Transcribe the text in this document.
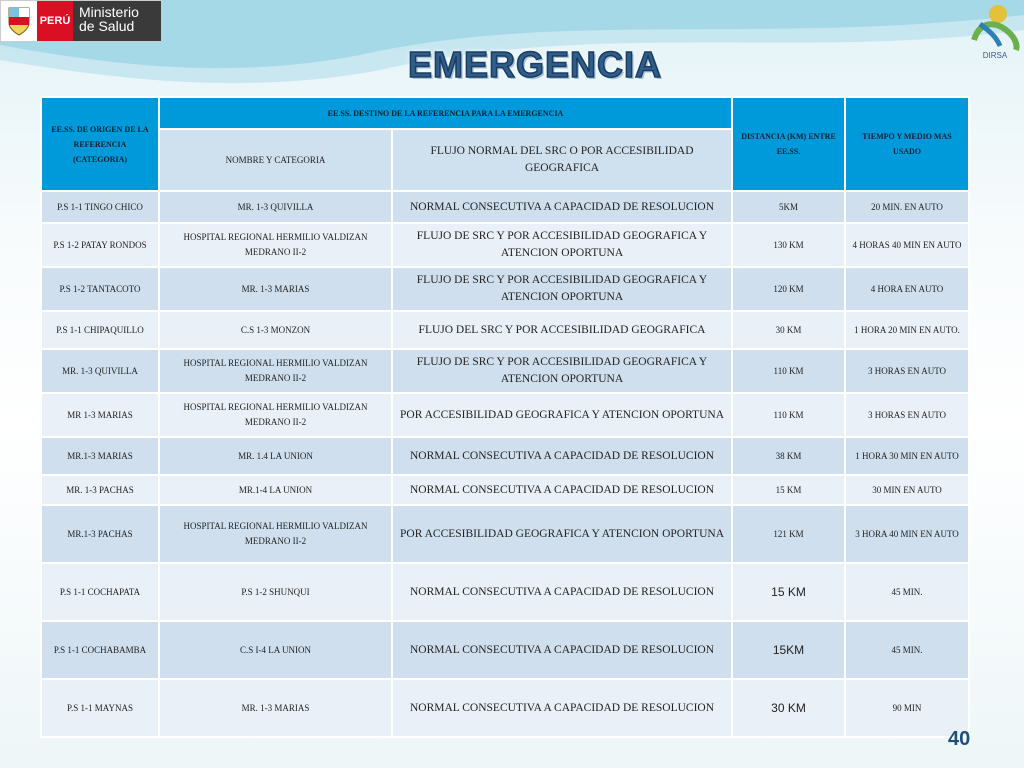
PERÚ
Ministerio
de Salud
DIRSA
EMERGENCIA
EE.SS. DE ORIGEN DE LA REFERENCIA (CATEGORIA)	EE.SS. DESTINO DE LA REFERENCIA PARA LA EMERGENCIA		DISTANCIA (KM) ENTRE EE.SS.	TIEMPO Y MEDIO MAS USADO
	NOMBRE Y CATEGORIA	FLUJO NORMAL DEL SRC O POR ACCESIBILIDAD GEOGRAFICA		
P.S 1-1 TINGO CHICO	MR. 1-3 QUIVILLA	NORMAL CONSECUTIVA A CAPACIDAD DE RESOLUCION	5KM	20 MIN. EN AUTO
P.S 1-2 PATAY RONDOS	HOSPITAL REGIONAL HERMILIO VALDIZAN MEDRANO II-2	FLUJO DE SRC Y POR ACCESIBILIDAD GEOGRAFICA Y ATENCION OPORTUNA	130 KM	4 HORAS 40 MIN EN AUTO
P.S 1-2 TANTACOTO	MR. 1-3 MARIAS	FLUJO DE SRC Y POR ACCESIBILIDAD GEOGRAFICA Y ATENCION OPORTUNA	120 KM	4 HORA EN AUTO
P.S 1-1 CHIPAQUILLO	C.S 1-3 MONZON	FLUJO DEL SRC Y POR ACCESIBILIDAD GEOGRAFICA	30 KM	1 HORA 20 MIN EN AUTO.
MR. 1-3 QUIVILLA	HOSPITAL REGIONAL HERMILIO VALDIZAN MEDRANO II-2	FLUJO DE SRC Y POR ACCESIBILIDAD GEOGRAFICA Y ATENCION OPORTUNA	110 KM	3 HORAS EN AUTO
MR 1-3 MARIAS	HOSPITAL REGIONAL HERMILIO VALDIZAN MEDRANO II-2	POR ACCESIBILIDAD GEOGRAFICA Y ATENCION OPORTUNA	110 KM	3 HORAS EN AUTO
MR.1-3 MARIAS	MR. 1.4 LA UNION	NORMAL CONSECUTIVA A CAPACIDAD DE RESOLUCION	38 KM	1 HORA 30 MIN EN AUTO
MR. 1-3 PACHAS	MR.1-4 LA UNION	NORMAL CONSECUTIVA A CAPACIDAD DE RESOLUCION	15 KM	30 MIN EN AUTO
MR.1-3 PACHAS	HOSPITAL REGIONAL HERMILIO VALDIZAN MEDRANO II-2	POR ACCESIBILIDAD GEOGRAFICA Y ATENCION OPORTUNA	121 KM	3 HORA 40 MIN EN AUTO
P.S 1-1 COCHAPATA	P.S 1-2 SHUNQUI	NORMAL CONSECUTIVA A CAPACIDAD DE RESOLUCION	15 KM	45 MIN.
P.S 1-1 COCHABAMBA	C.S I-4 LA UNION	NORMAL CONSECUTIVA A CAPACIDAD DE RESOLUCION	15KM	45 MIN.
P.S 1-1 MAYNAS	MR. 1-3 MARIAS	NORMAL CONSECUTIVA A CAPACIDAD DE RESOLUCION	30 KM	90 MIN
40
